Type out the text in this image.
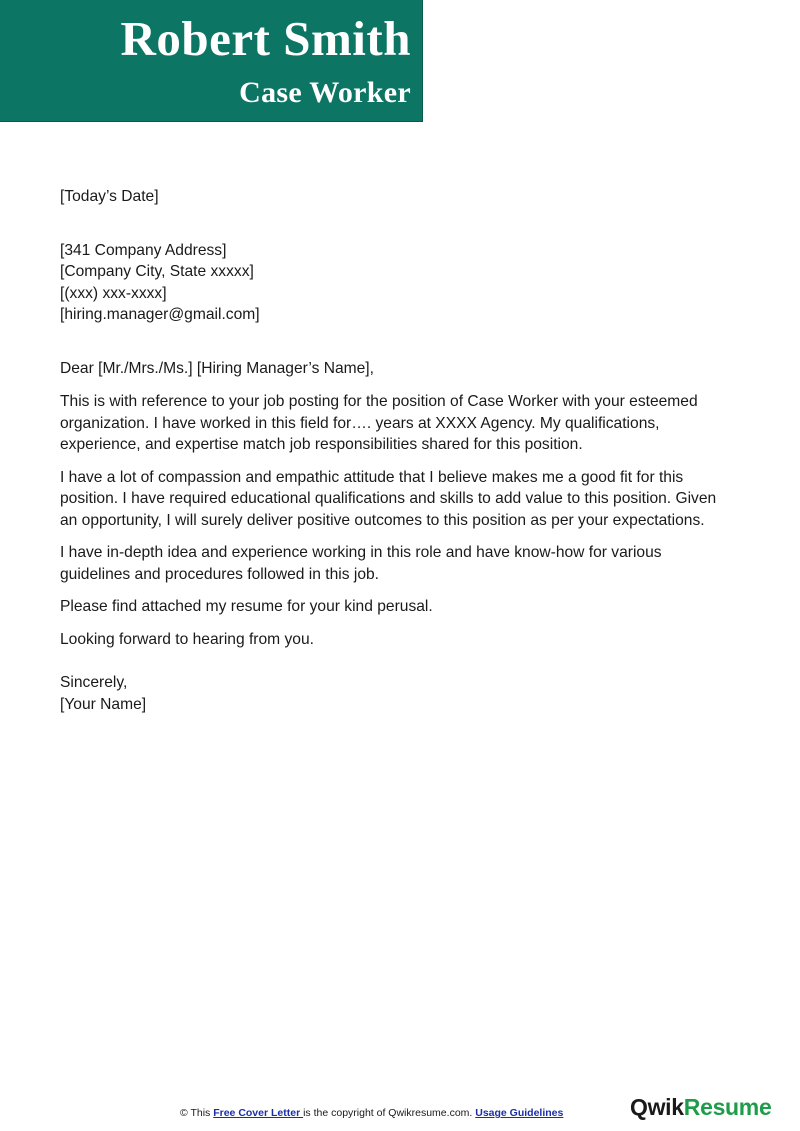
Robert Smith
Case Worker
[Today’s Date]
[341 Company Address]
[Company City, State xxxxx]
[(xxx) xxx-xxxx]
[hiring.manager@gmail.com]
Dear [Mr./Mrs./Ms.] [Hiring Manager’s Name],

This is with reference to your job posting for the position of Case Worker with your esteemed
organization. I have worked in this field for…. years at XXXX Agency. My qualifications,
experience, and expertise match job responsibilities shared for this position.

I have a lot of compassion and empathic attitude that I believe makes me a good fit for this
position. I have required educational qualifications and skills to add value to this position. Given
an opportunity, I will surely deliver positive outcomes to this position as per your expectations.

I have in-depth idea and experience working in this role and have know-how for various
guidelines and procedures followed in this job.

Please find attached my resume for your kind perusal.

Looking forward to hearing from you.

Sincerely,
[Your Name]
© This Free Cover Letter is the copyright of Qwikresume.com. Usage Guidelines	QwikResume
